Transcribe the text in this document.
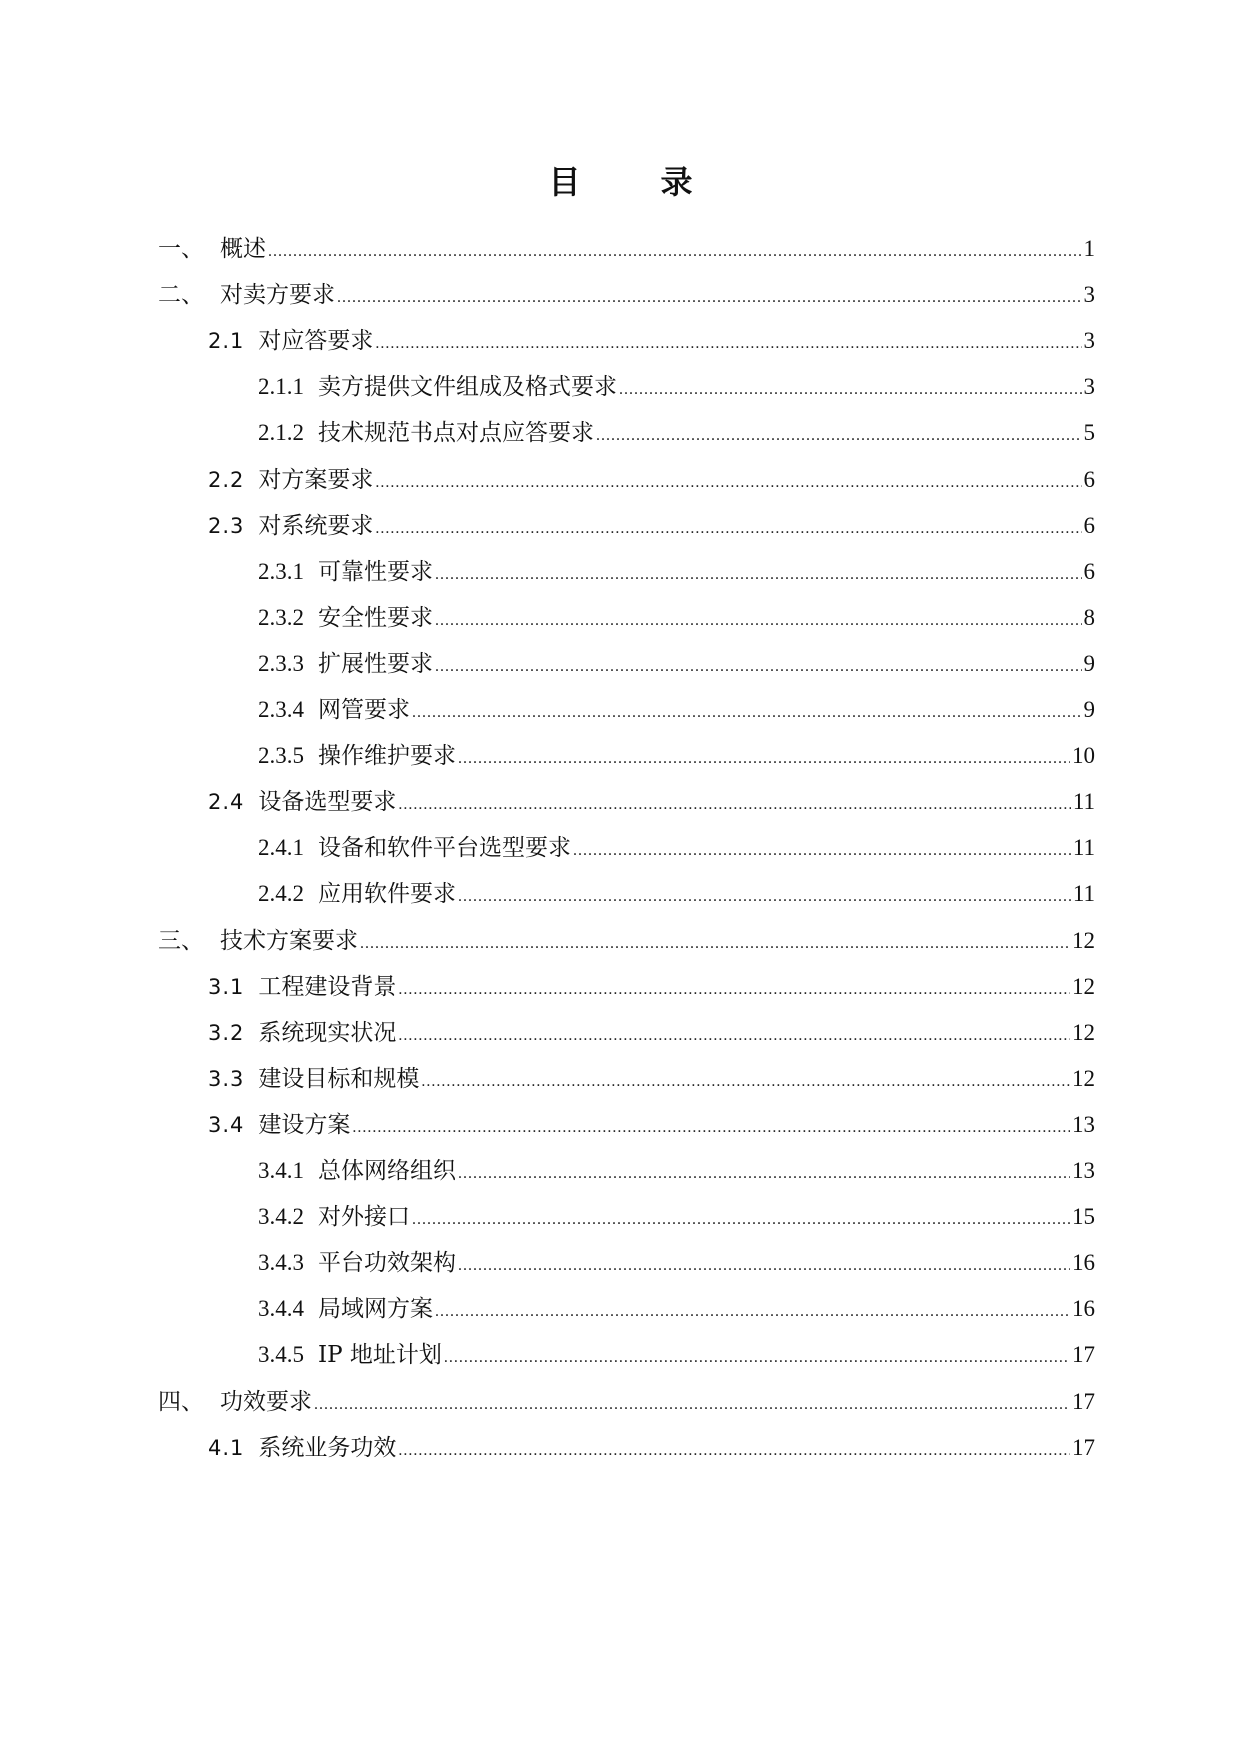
目	录
一、 概述 .....	1
二、 对卖方要求 .....	3
2.1 对应答要求 .....	3
2.1.1 卖方提供文件组成及格式要求 .....	3
2.1.2 技术规范书点对点应答要求 .....	5
2.2 对方案要求 .....	6
2.3 对系统要求 .....	6
2.3.1 可靠性要求 .....	6
2.3.2 安全性要求 .....	8
2.3.3 扩展性要求 .....	9
2.3.4 网管要求 .....	9
2.3.5 操作维护要求 .....	10
2.4 设备选型要求 .....	11
2.4.1 设备和软件平台选型要求 .....	11
2.4.2 应用软件要求 .....	11
三、 技术方案要求 .....	12
3.1 工程建设背景 .....	12
3.2 系统现实状况 .....	12
3.3 建设目标和规模 .....	12
3.4 建设方案 .....	13
3.4.1 总体网络组织 .....	13
3.4.2 对外接口 .....	15
3.4.3 平台功效架构 .....	16
3.4.4 局域网方案 .....	16
3.4.5 IP 地址计划 .....	17
四、 功效要求 .....	17
4.1 系统业务功效 .....	17
